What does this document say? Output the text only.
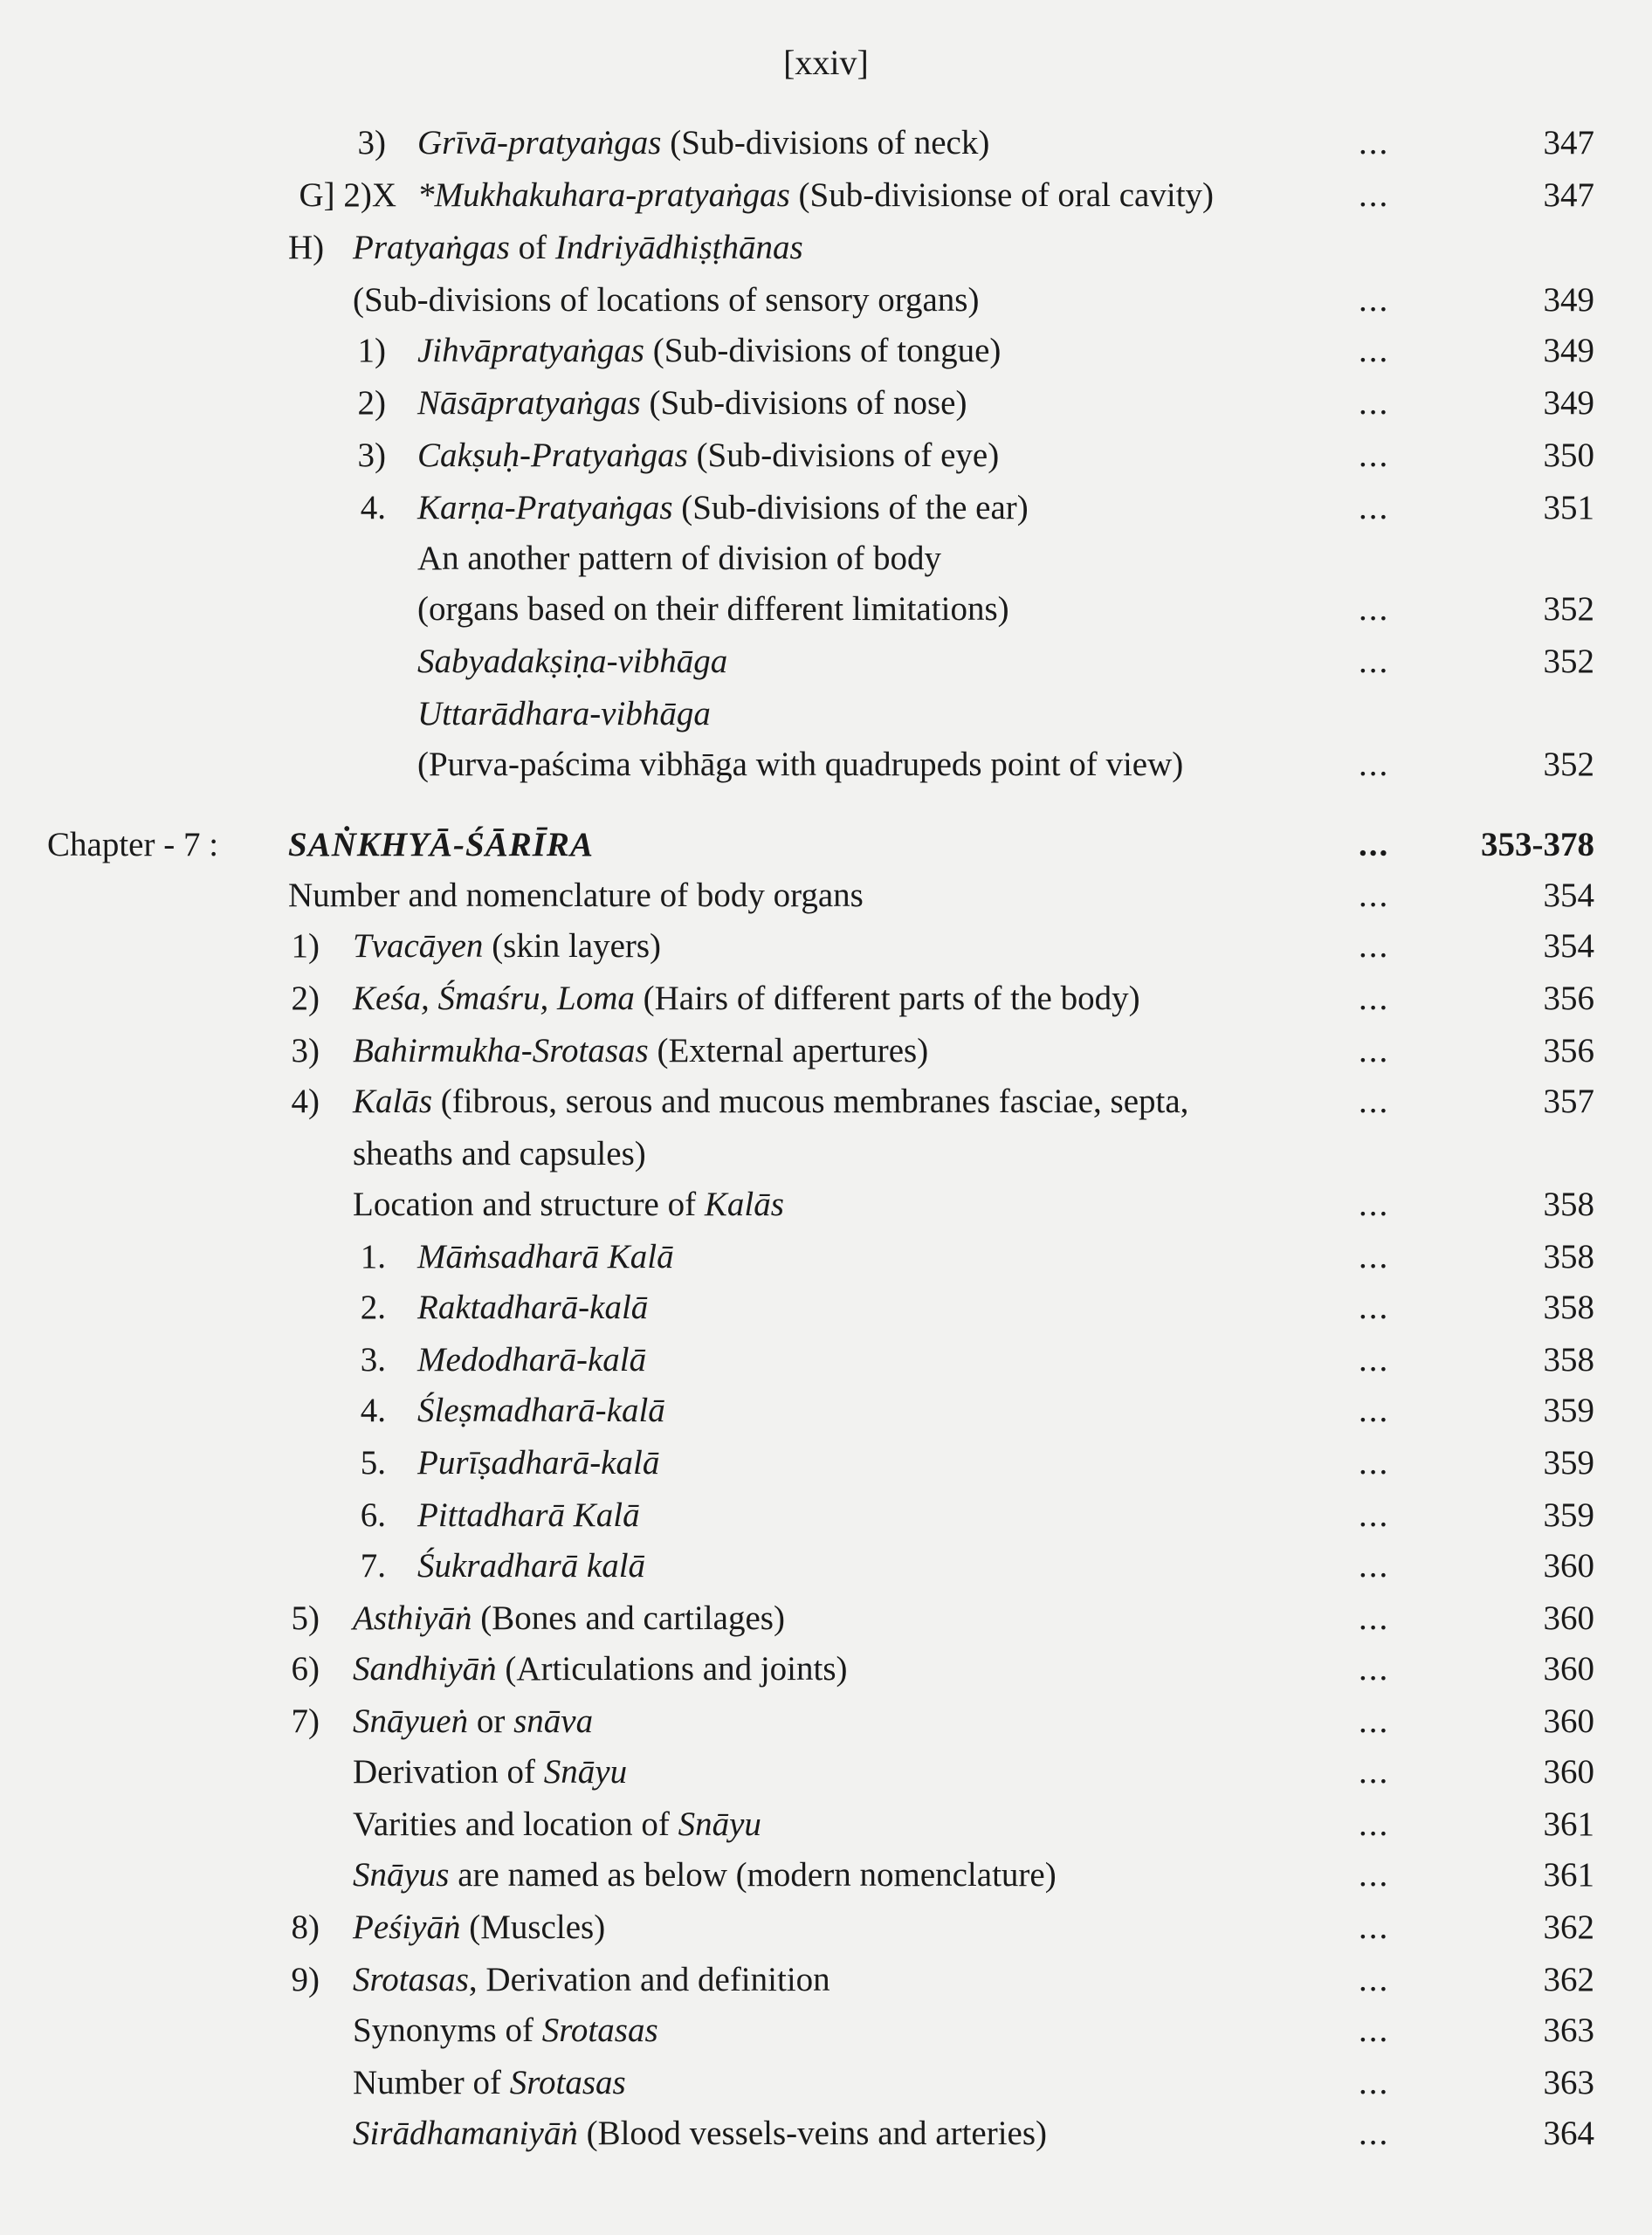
[xxiv]
3) Grīvā-pratyaṅgas (Sub-divisions of neck)	...	347
G] 2)X *Mukhakuhara-pratyaṅgas (Sub-divisionse of oral cavity)	...	347
H) Pratyaṅgas of Indriyādhiṣṭhānas
(Sub-divisions of locations of sensory organs)	...	349
1) Jihvāpratyaṅgas (Sub-divisions of tongue)	...	349
2) Nāsāpratyaṅgas (Sub-divisions of nose)	...	349
3) Cakṣuḥ-Pratyaṅgas (Sub-divisions of eye)	...	350
4. Karṇa-Pratyaṅgas (Sub-divisions of the ear)	...	351
An another pattern of division of body
(organs based on their different limitations)	...	352
Sabyadakṣiṇa-vibhāga	...	352
Uttarādhara-vibhāga
(Purva-paścima vibhāga with quadrupeds point of view)	...	352
Chapter - 7 : SAṄKHYĀ-ŚĀRĪRA	...	353-378
Number and nomenclature of body organs	...	354
1) Tvacāyen (skin layers)	...	354
2) Keśa, Śmaśru, Loma (Hairs of different parts of the body)	...	356
3) Bahirmukha-Srotasas (External apertures)	...	356
4) Kalās (fibrous, serous and mucous membranes fasciae, septa,	...	357
sheaths and capsules)
Location and structure of Kalās	...	358
1. Māṁsadharā Kalā	...	358
2. Raktadharā-kalā	...	358
3. Medodharā-kalā	...	358
4. Śleṣmadharā-kalā	...	359
5. Purīṣadharā-kalā	...	359
6. Pittadharā Kalā	...	359
7. Śukradharā kalā	...	360
5) Asthiyāṅ (Bones and cartilages)	...	360
6) Sandhiyāṅ (Articulations and joints)	...	360
7) Snāyueṅ or snāva	...	360
Derivation of Snāyu	...	360
Varities and location of Snāyu	...	361
Snāyus are named as below (modern nomenclature)	...	361
8) Peśiyāṅ (Muscles)	...	362
9) Srotasas, Derivation and definition	...	362
Synonyms of Srotasas	...	363
Number of Srotasas	...	363
Sirādhamaniyāṅ (Blood vessels-veins and arteries)	...	364
